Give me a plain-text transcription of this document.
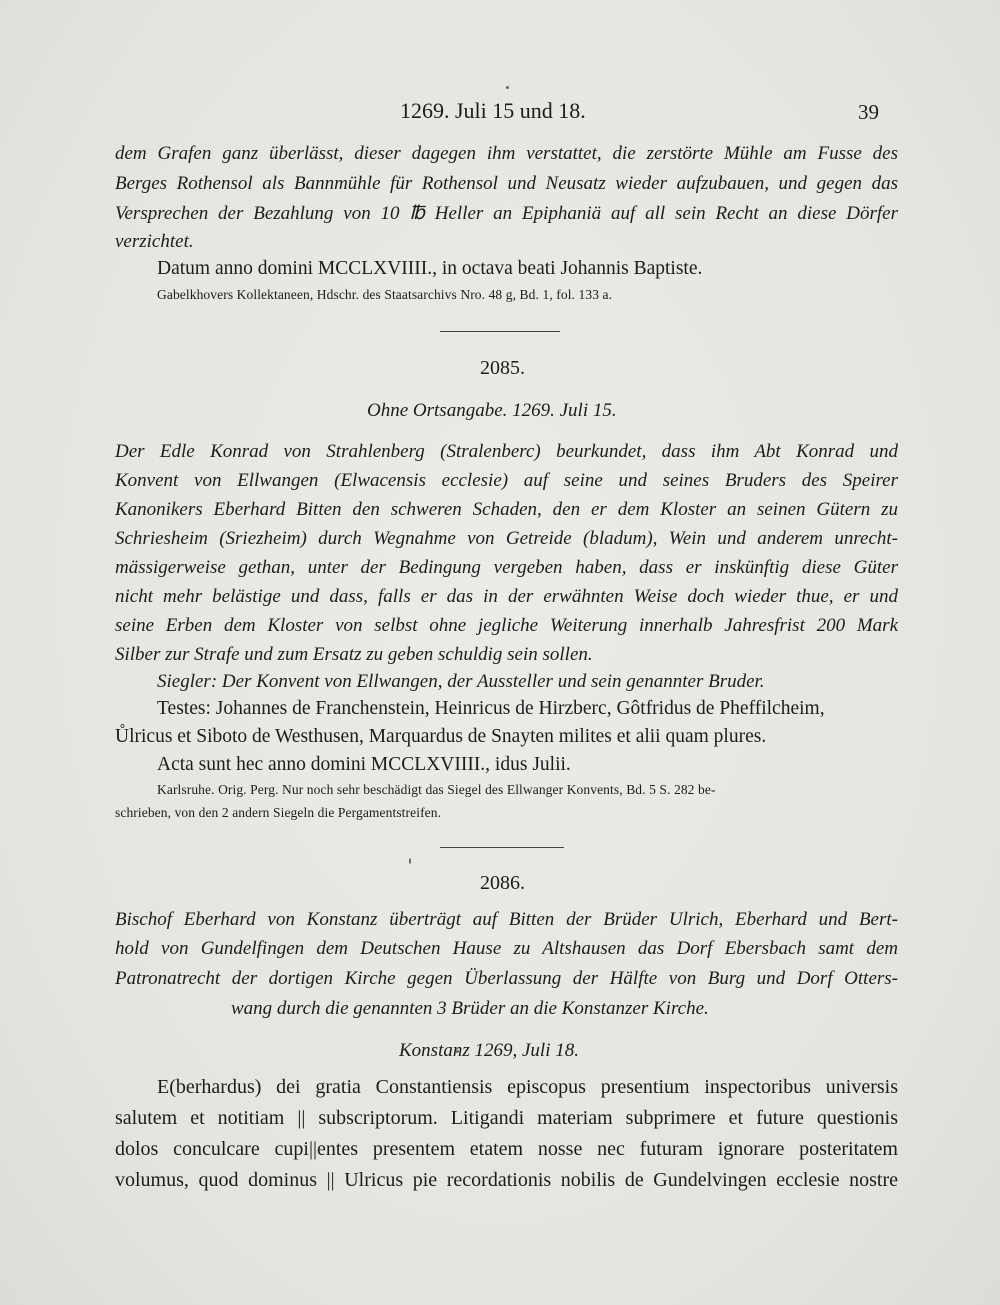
1269. Juli 15 und 18.	39
dem Grafen ganz überlässt, dieser dagegen ihm verstattet, die zerstörte Mühle am Fusse des
Berges Rothensol als Bannmühle für Rothensol und Neusatz wieder aufzubauen, und gegen das
Versprechen der Bezahlung von 10 ℔ Heller an Epiphaniä auf all sein Recht an diese Dörfer
verzichtet.
Datum anno domini MCCLXVIIII., in octava beati Johannis Baptiste.
Gabelkhovers Kollektaneen, Hdschr. des Staatsarchivs Nro. 48 g, Bd. 1, fol. 133 a.
2085.
Ohne Ortsangabe. 1269. Juli 15.
Der Edle Konrad von Strahlenberg (Stralenberc) beurkundet, dass ihm Abt Konrad und
Konvent von Ellwangen (Elwacensis ecclesie) auf seine und seines Bruders des Speirer
Kanonikers Eberhard Bitten den schweren Schaden, den er dem Kloster an seinen Gütern zu
Schriesheim (Sriezheim) durch Wegnahme von Getreide (bladum), Wein und anderem unrecht-
mässigerweise gethan, unter der Bedingung vergeben haben, dass er inskünftig diese Güter
nicht mehr belästige und dass, falls er das in der erwähnten Weise doch wieder thue, er und
seine Erben dem Kloster von selbst ohne jegliche Weiterung innerhalb Jahresfrist 200 Mark
Silber zur Strafe und zum Ersatz zu geben schuldig sein sollen.
Siegler: Der Konvent von Ellwangen, der Aussteller und sein genannter Bruder.
Testes: Johannes de Franchenstein, Heinricus de Hirzberc, Gôtfridus de Pheffilcheim,
Ůlricus et Siboto de Westhusen, Marquardus de Snayten milites et alii quam plures.
Acta sunt hec anno domini MCCLXVIIII., idus Julii.
Karlsruhe. Orig. Perg. Nur noch sehr beschädigt das Siegel des Ellwanger Konvents, Bd. 5 S. 282 be-
schrieben, von den 2 andern Siegeln die Pergamentstreifen.
2086.
Bischof Eberhard von Konstanz überträgt auf Bitten der Brüder Ulrich, Eberhard und Bert-
hold von Gundelfingen dem Deutschen Hause zu Altshausen das Dorf Ebersbach samt dem
Patronatrecht der dortigen Kirche gegen Überlassung der Hälfte von Burg und Dorf Otters-
wang durch die genannten 3 Brüder an die Konstanzer Kirche.
Konstanz 1269, Juli 18.
E(berhardus) dei gratia Constantiensis episcopus presentium inspectoribus universis
salutem et notitiam || subscriptorum. Litigandi materiam subprimere et future questionis
dolos conculcare cupi||entes presentem etatem nosse nec futuram ignorare posteritatem
volumus, quod dominus || Ulricus pie recordationis nobilis de Gundelvingen ecclesie nostre
